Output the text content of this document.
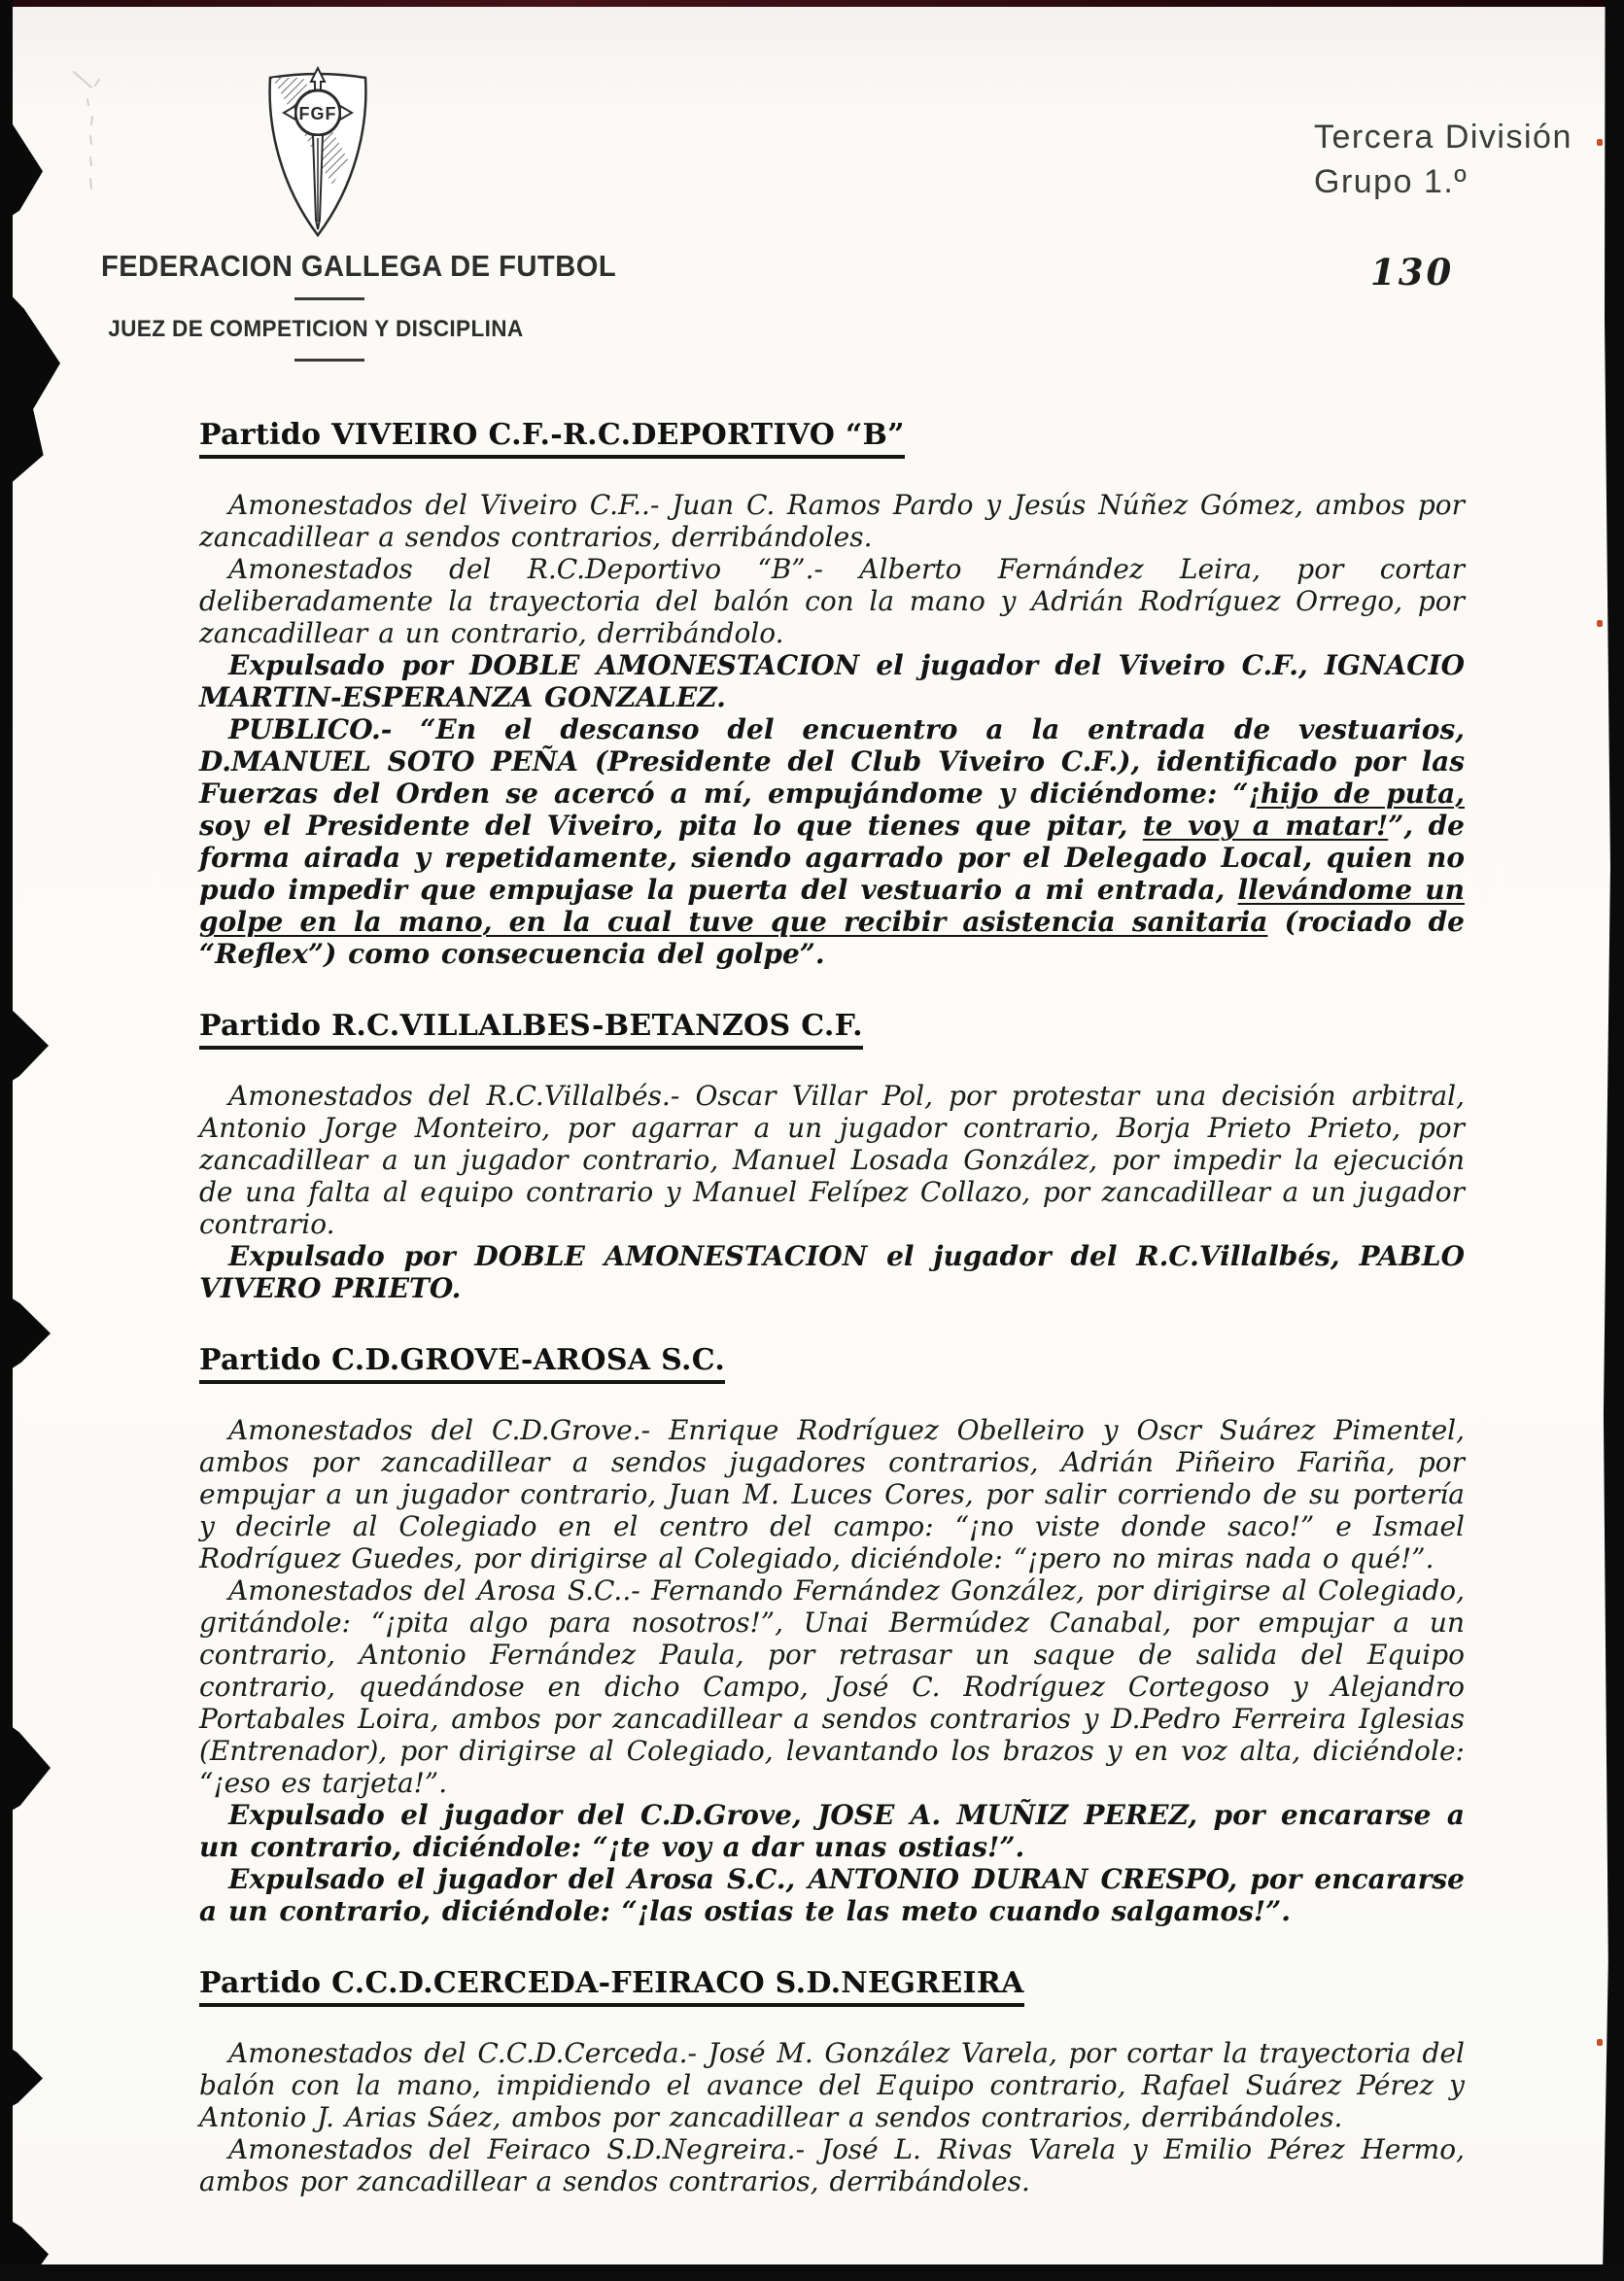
FGF
Tercera División
Grupo 1.º
FEDERACION GALLEGA DE FUTBOL
JUEZ DE COMPETICION Y DISCIPLINA
130
Partido VIVEIRO C.F.-R.C.DEPORTIVO “B”

Amonestados del Viveiro C.F..- Juan C. Ramos Pardo y Jesús Núñez Gómez, ambos por zancadillear a sendos contrarios, derribándoles.

Amonestados del R.C.Deportivo “B”.- Alberto Fernández Leira, por cortar deliberadamente la trayectoria del balón con la mano y Adrián Rodríguez Orrego, por zancadillear a un contrario, derribándolo.

Expulsado por DOBLE AMONESTACION el jugador del Viveiro C.F., IGNACIO MARTIN-ESPERANZA GONZALEZ.

PUBLICO.- “En el descanso del encuentro a la entrada de vestuarios, D.MANUEL SOTO PEÑA (Presidente del Club Viveiro C.F.), identificado por las Fuerzas del Orden se acercó a mí, empujándome y diciéndome: “¡hijo de puta, soy el Presidente del Viveiro, pita lo que tienes que pitar, te voy a matar!”, de forma airada y repetidamente, siendo agarrado por el Delegado Local, quien no pudo impedir que empujase la puerta del vestuario a mi entrada, llevándome un golpe en la mano, en la cual tuve que recibir asistencia sanitaria (rociado de “Reflex”) como consecuencia del golpe”.

Partido R.C.VILLALBES-BETANZOS C.F.

Amonestados del R.C.Villalbés.- Oscar Villar Pol, por protestar una decisión arbitral, Antonio Jorge Monteiro, por agarrar a un jugador contrario, Borja Prieto Prieto, por zancadillear a un jugador contrario, Manuel Losada González, por impedir la ejecución de una falta al equipo contrario y Manuel Felípez Collazo, por zancadillear a un jugador contrario.

Expulsado por DOBLE AMONESTACION el jugador del R.C.Villalbés, PABLO VIVERO PRIETO.

Partido C.D.GROVE-AROSA S.C.

Amonestados del C.D.Grove.- Enrique Rodríguez Obelleiro y Oscr Suárez Pimentel, ambos por zancadillear a sendos jugadores contrarios, Adrián Piñeiro Fariña, por empujar a un jugador contrario, Juan M. Luces Cores, por salir corriendo de su portería y decirle al Colegiado en el centro del campo: “¡no viste donde saco!” e Ismael Rodríguez Guedes, por dirigirse al Colegiado, diciéndole: “¡pero no miras nada o qué!”.

Amonestados del Arosa S.C..- Fernando Fernández González, por dirigirse al Colegiado, gritándole: “¡pita algo para nosotros!”, Unai Bermúdez Canabal, por empujar a un contrario, Antonio Fernández Paula, por retrasar un saque de salida del Equipo contrario, quedándose en dicho Campo, José C. Rodríguez Cortegoso y Alejandro Portabales Loira, ambos por zancadillear a sendos contrarios y D.Pedro Ferreira Iglesias (Entrenador), por dirigirse al Colegiado, levantando los brazos y en voz alta, diciéndole: “¡eso es tarjeta!”.

Expulsado el jugador del C.D.Grove, JOSE A. MUÑIZ PEREZ, por encararse a un contrario, diciéndole: “¡te voy a dar unas ostias!”.

Expulsado el jugador del Arosa S.C., ANTONIO DURAN CRESPO, por encararse a un contrario, diciéndole: “¡las ostias te las meto cuando salgamos!”.

Partido C.C.D.CERCEDA-FEIRACO S.D.NEGREIRA

Amonestados del C.C.D.Cerceda.- José M. González Varela, por cortar la trayectoria del balón con la mano, impidiendo el avance del Equipo contrario, Rafael Suárez Pérez y Antonio J. Arias Sáez, ambos por zancadillear a sendos contrarios, derribándoles.

Amonestados del Feiraco S.D.Negreira.- José L. Rivas Varela y Emilio Pérez Hermo, ambos por zancadillear a sendos contrarios, derribándoles.
